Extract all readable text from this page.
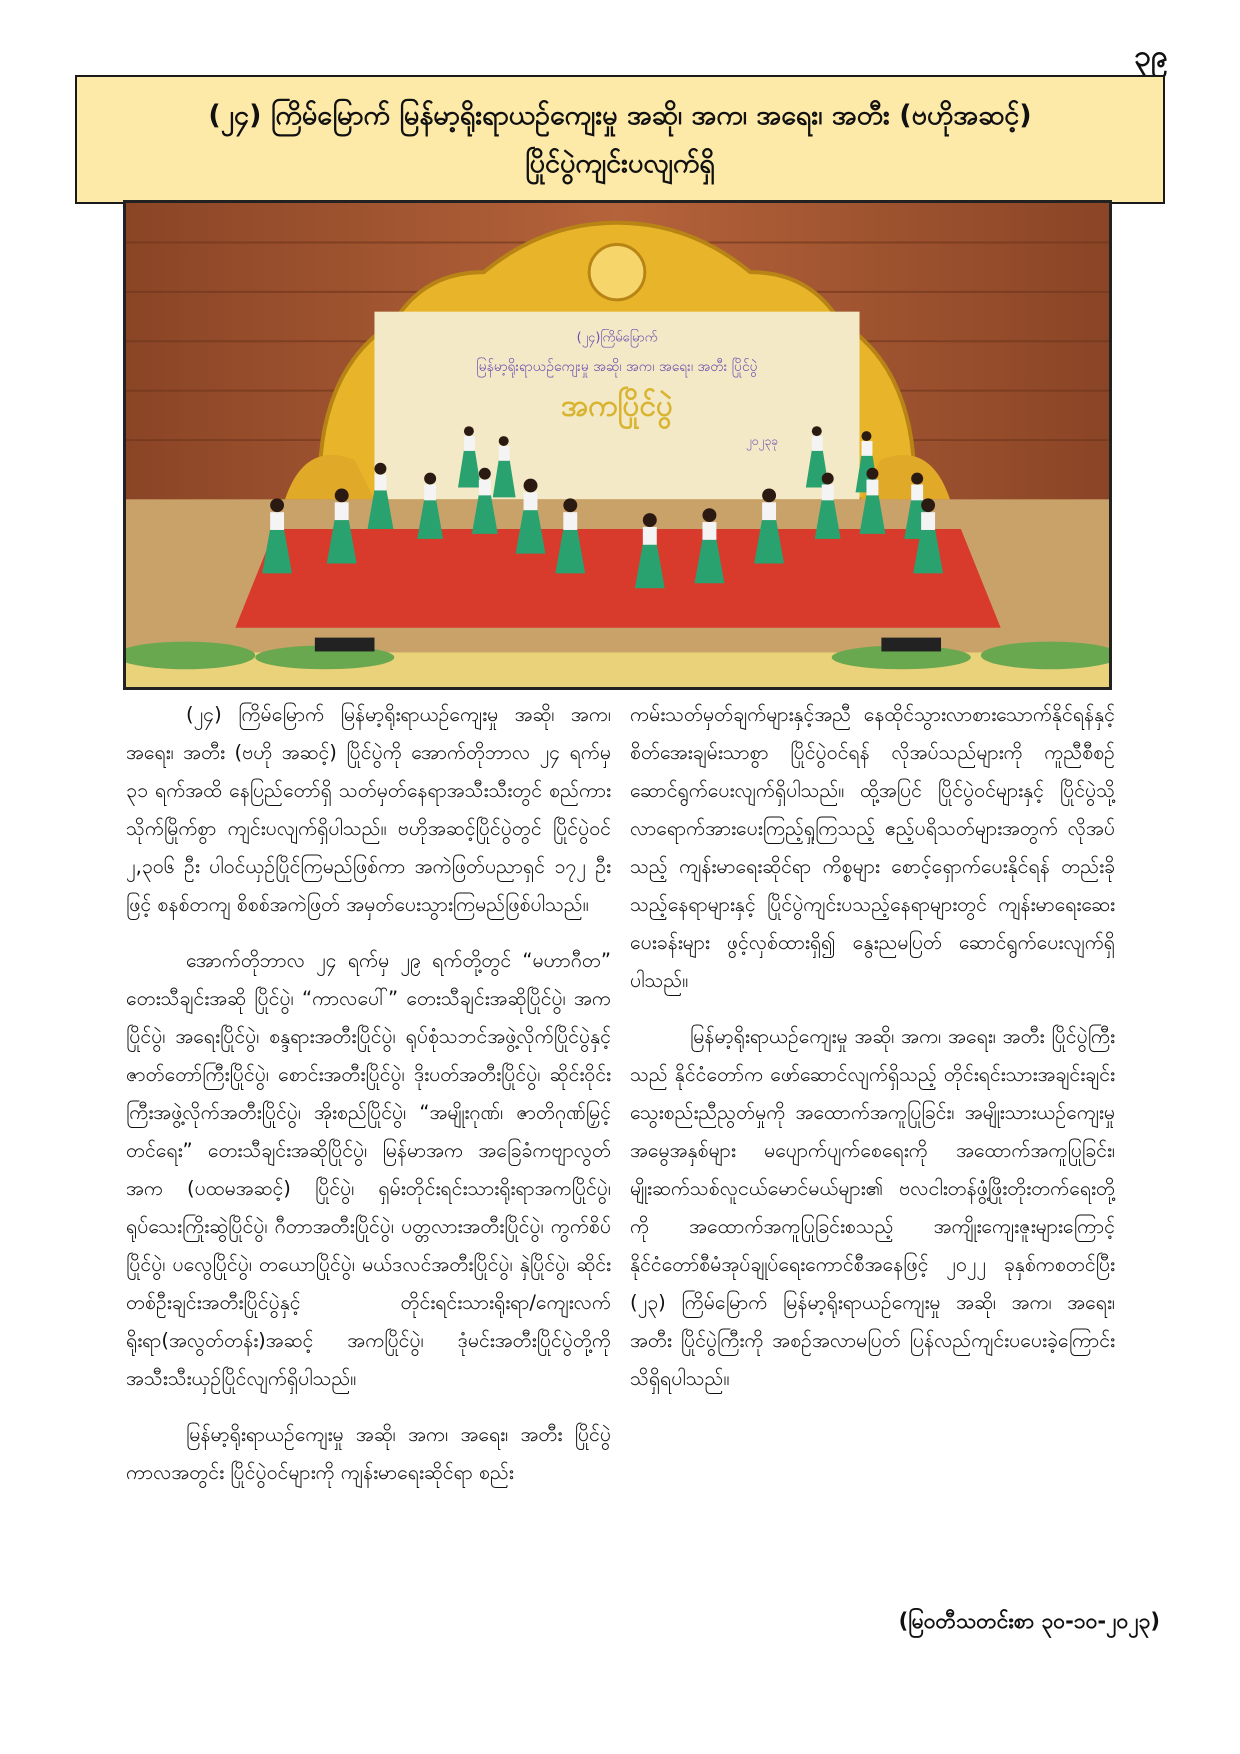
၃၉
(၂၄) ကြိမ်မြောက် မြန်မာ့ရိုးရာယဉ်ကျေးမှု အဆို၊ အက၊ အရေး၊ အတီး (ဗဟိုအဆင့်)
ပြိုင်ပွဲကျင်းပလျက်ရှိ
(၂၄)ကြိမ်မြောက်
မြန်မာ့ရိုးရာယဉ်ကျေးမှု အဆို၊ အက၊ အရေး၊ အတီး ပြိုင်ပွဲ
အကပြိုင်ပွဲ
၂၀၂၃ခု

(၂၄) ကြိမ်မြောက် မြန်မာ့ရိုးရာယဉ်ကျေးမှု အဆို၊ အက၊ အရေး၊ အတီး (ဗဟို အဆင့်) ပြိုင်ပွဲကို အောက်တိုဘာလ ၂၄ ရက်မှ ၃၁ ရက်အထိ နေပြည်တော်ရှိ သတ်မှတ်နေရာအသီးသီးတွင် စည်ကားသိုက်မြိုက်စွာ ကျင်းပလျက်ရှိပါသည်။ ဗဟိုအဆင့်ပြိုင်ပွဲတွင် ပြိုင်ပွဲဝင် ၂,၃၀၆ ဦး ပါဝင်ယှဉ်ပြိုင်ကြမည်ဖြစ်ကာ အကဲဖြတ်ပညာရှင် ၁၇၂ ဦးဖြင့် စနစ်တကျ စိစစ်အကဲဖြတ် အမှတ်ပေးသွားကြမည်ဖြစ်ပါသည်။

အောက်တိုဘာလ ၂၄ ရက်မှ ၂၉ ရက်တို့တွင် “မဟာဂီတ” တေးသီချင်းအဆို ပြိုင်ပွဲ၊ “ကာလပေါ်” တေးသီချင်းအဆိုပြိုင်ပွဲ၊ အကပြိုင်ပွဲ၊ အရေးပြိုင်ပွဲ၊ စန္ဒရားအတီးပြိုင်ပွဲ၊ ရုပ်စုံသဘင်အဖွဲ့လိုက်ပြိုင်ပွဲနှင့် ဇာတ်တော်ကြီးပြိုင်ပွဲ၊ စောင်းအတီးပြိုင်ပွဲ၊ ဒိုးပတ်အတီးပြိုင်ပွဲ၊ ဆိုင်းဝိုင်းကြီးအဖွဲ့လိုက်အတီးပြိုင်ပွဲ၊ အိုးစည်ပြိုင်ပွဲ၊ “အမျိုးဂုဏ်၊ ဇာတိဂုဏ်မြှင့်တင်ရေး” တေးသီချင်းအဆိုပြိုင်ပွဲ၊ မြန်မာအက အခြေခံကဗျာလွတ်အက (ပထမအဆင့်) ပြိုင်ပွဲ၊ ရှမ်းတိုင်းရင်းသားရိုးရာအကပြိုင်ပွဲ၊ ရုပ်သေးကြိုးဆွဲပြိုင်ပွဲ၊ ဂီတာအတီးပြိုင်ပွဲ၊ ပတ္တလားအတီးပြိုင်ပွဲ၊ ကွက်စိပ်ပြိုင်ပွဲ၊ ပလွေပြိုင်ပွဲ၊ တယောပြိုင်ပွဲ၊ မယ်ဒလင်အတီးပြိုင်ပွဲ၊ နှဲပြိုင်ပွဲ၊ ဆိုင်းတစ်ဦးချင်းအတီးပြိုင်ပွဲနှင့် တိုင်းရင်းသားရိုးရာ/ကျေးလက်ရိုးရာ(အလွတ်တန်း)အဆင့် အကပြိုင်ပွဲ၊ ဒုံမင်းအတီးပြိုင်ပွဲတို့ကို အသီးသီးယှဉ်ပြိုင်လျက်ရှိပါသည်။

မြန်မာ့ရိုးရာယဉ်ကျေးမှု အဆို၊ အက၊ အရေး၊ အတီး ပြိုင်ပွဲကာလအတွင်း ပြိုင်ပွဲဝင်များကို ကျန်းမာရေးဆိုင်ရာ စည်း

ကမ်းသတ်မှတ်ချက်များနှင့်အညီ နေထိုင်သွားလာစားသောက်နိုင်ရန်နှင့် စိတ်အေးချမ်းသာစွာ ပြိုင်ပွဲဝင်ရန် လိုအပ်သည်များကို ကူညီစီစဉ်ဆောင်ရွက်ပေးလျက်ရှိပါသည်။ ထို့အပြင် ပြိုင်ပွဲဝင်များနှင့် ပြိုင်ပွဲသို့ လာရောက်အားပေးကြည့်ရှုကြသည့် ဧည့်ပရိသတ်များအတွက် လိုအပ်သည့် ကျန်းမာရေးဆိုင်ရာ ကိစ္စများ စောင့်ရှောက်ပေးနိုင်ရန် တည်းခိုသည့်နေရာများနှင့် ပြိုင်ပွဲကျင်းပသည့်နေရာများတွင် ကျန်းမာရေးဆေးပေးခန်းများ ဖွင့်လှစ်ထားရှိ၍ နွေးညမပြတ် ဆောင်ရွက်ပေးလျက်ရှိပါသည်။

မြန်မာ့ရိုးရာယဉ်ကျေးမှု အဆို၊ အက၊ အရေး၊ အတီး ပြိုင်ပွဲကြီးသည် နိုင်ငံတော်က ဖော်ဆောင်လျက်ရှိသည့် တိုင်းရင်းသားအချင်းချင်း သွေးစည်းညီညွတ်မှုကို အထောက်အကူပြုခြင်း၊ အမျိုးသားယဉ်ကျေးမှုအမွေအနှစ်များ မပျောက်ပျက်စေရေးကို အထောက်အကူပြုခြင်း၊ မျိုးဆက်သစ်လူငယ်မောင်မယ်များ၏ ဗလငါးတန်ဖွံ့ဖြိုးတိုးတက်ရေးတို့ကို အထောက်အကူပြုခြင်းစသည့် အကျိုးကျေးဇူးများကြောင့် နိုင်ငံတော်စီမံအုပ်ချုပ်ရေးကောင်စီအနေဖြင့် ၂၀၂၂ ခုနှစ်ကစတင်ပြီး (၂၃) ကြိမ်မြောက် မြန်မာ့ရိုးရာယဉ်ကျေးမှု အဆို၊ အက၊ အရေး၊ အတီး ပြိုင်ပွဲကြီးကို အစဉ်အလာမပြတ် ပြန်လည်ကျင်းပပေးခဲ့ကြောင်း သိရှိရပါသည်။

(မြဝတီသတင်းစာ ၃၀-၁၀-၂၀၂၃)
